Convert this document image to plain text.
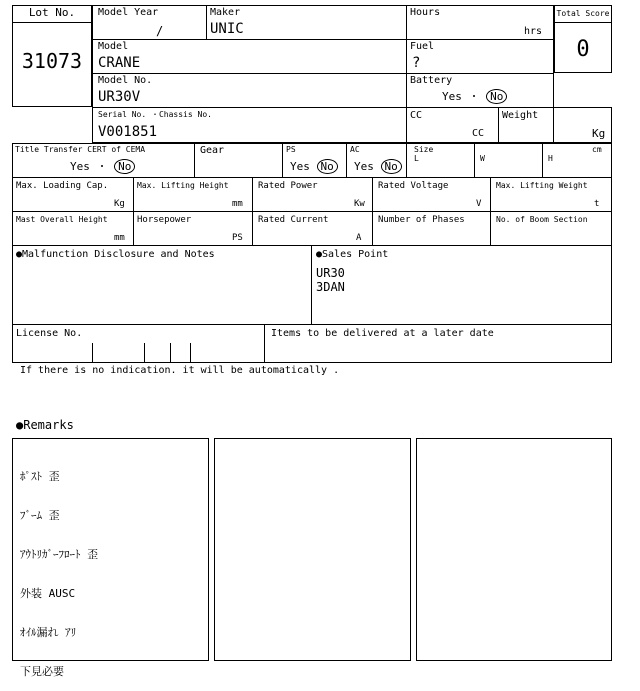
Lot No.
31073
Model Year
/
Maker
UNIC
Hours
hrs
Total Score
0
Model
CRANE
Fuel
?
Model No.
UR30V
Battery
Yes ・ No
Serial No. ・Chassis No.
V001851
CC
CC
Weight
Kg
Title Transfer CERT of CEMA
Yes ・ No
Gear	PS
Yes No
AC
Yes No
Size
L	W	H
cm
Max. Loading Cap.
Kg
Max. Lifting Height
mm
Rated Power
Kw
Rated Voltage
V
Max. Lifting Weight
t
Mast Overall Height
mm
Horsepower
PS
Rated Current
A
Number of Phases	No. of Boom Section
●Malfunction Disclosure and Notes	●Sales Point
UR30
3DAN
License No.	Items to be delivered at a later date
If there is no indication. it will be automatically .
●Remarks

ﾎﾟｽﾄ 歪

ﾌﾞｰﾑ 歪

ｱｳﾄﾘｶﾞｰﾌﾛｰﾄ 歪

外装 AUSC

ｵｲﾙ漏れ ｱﾘ

下見必要
